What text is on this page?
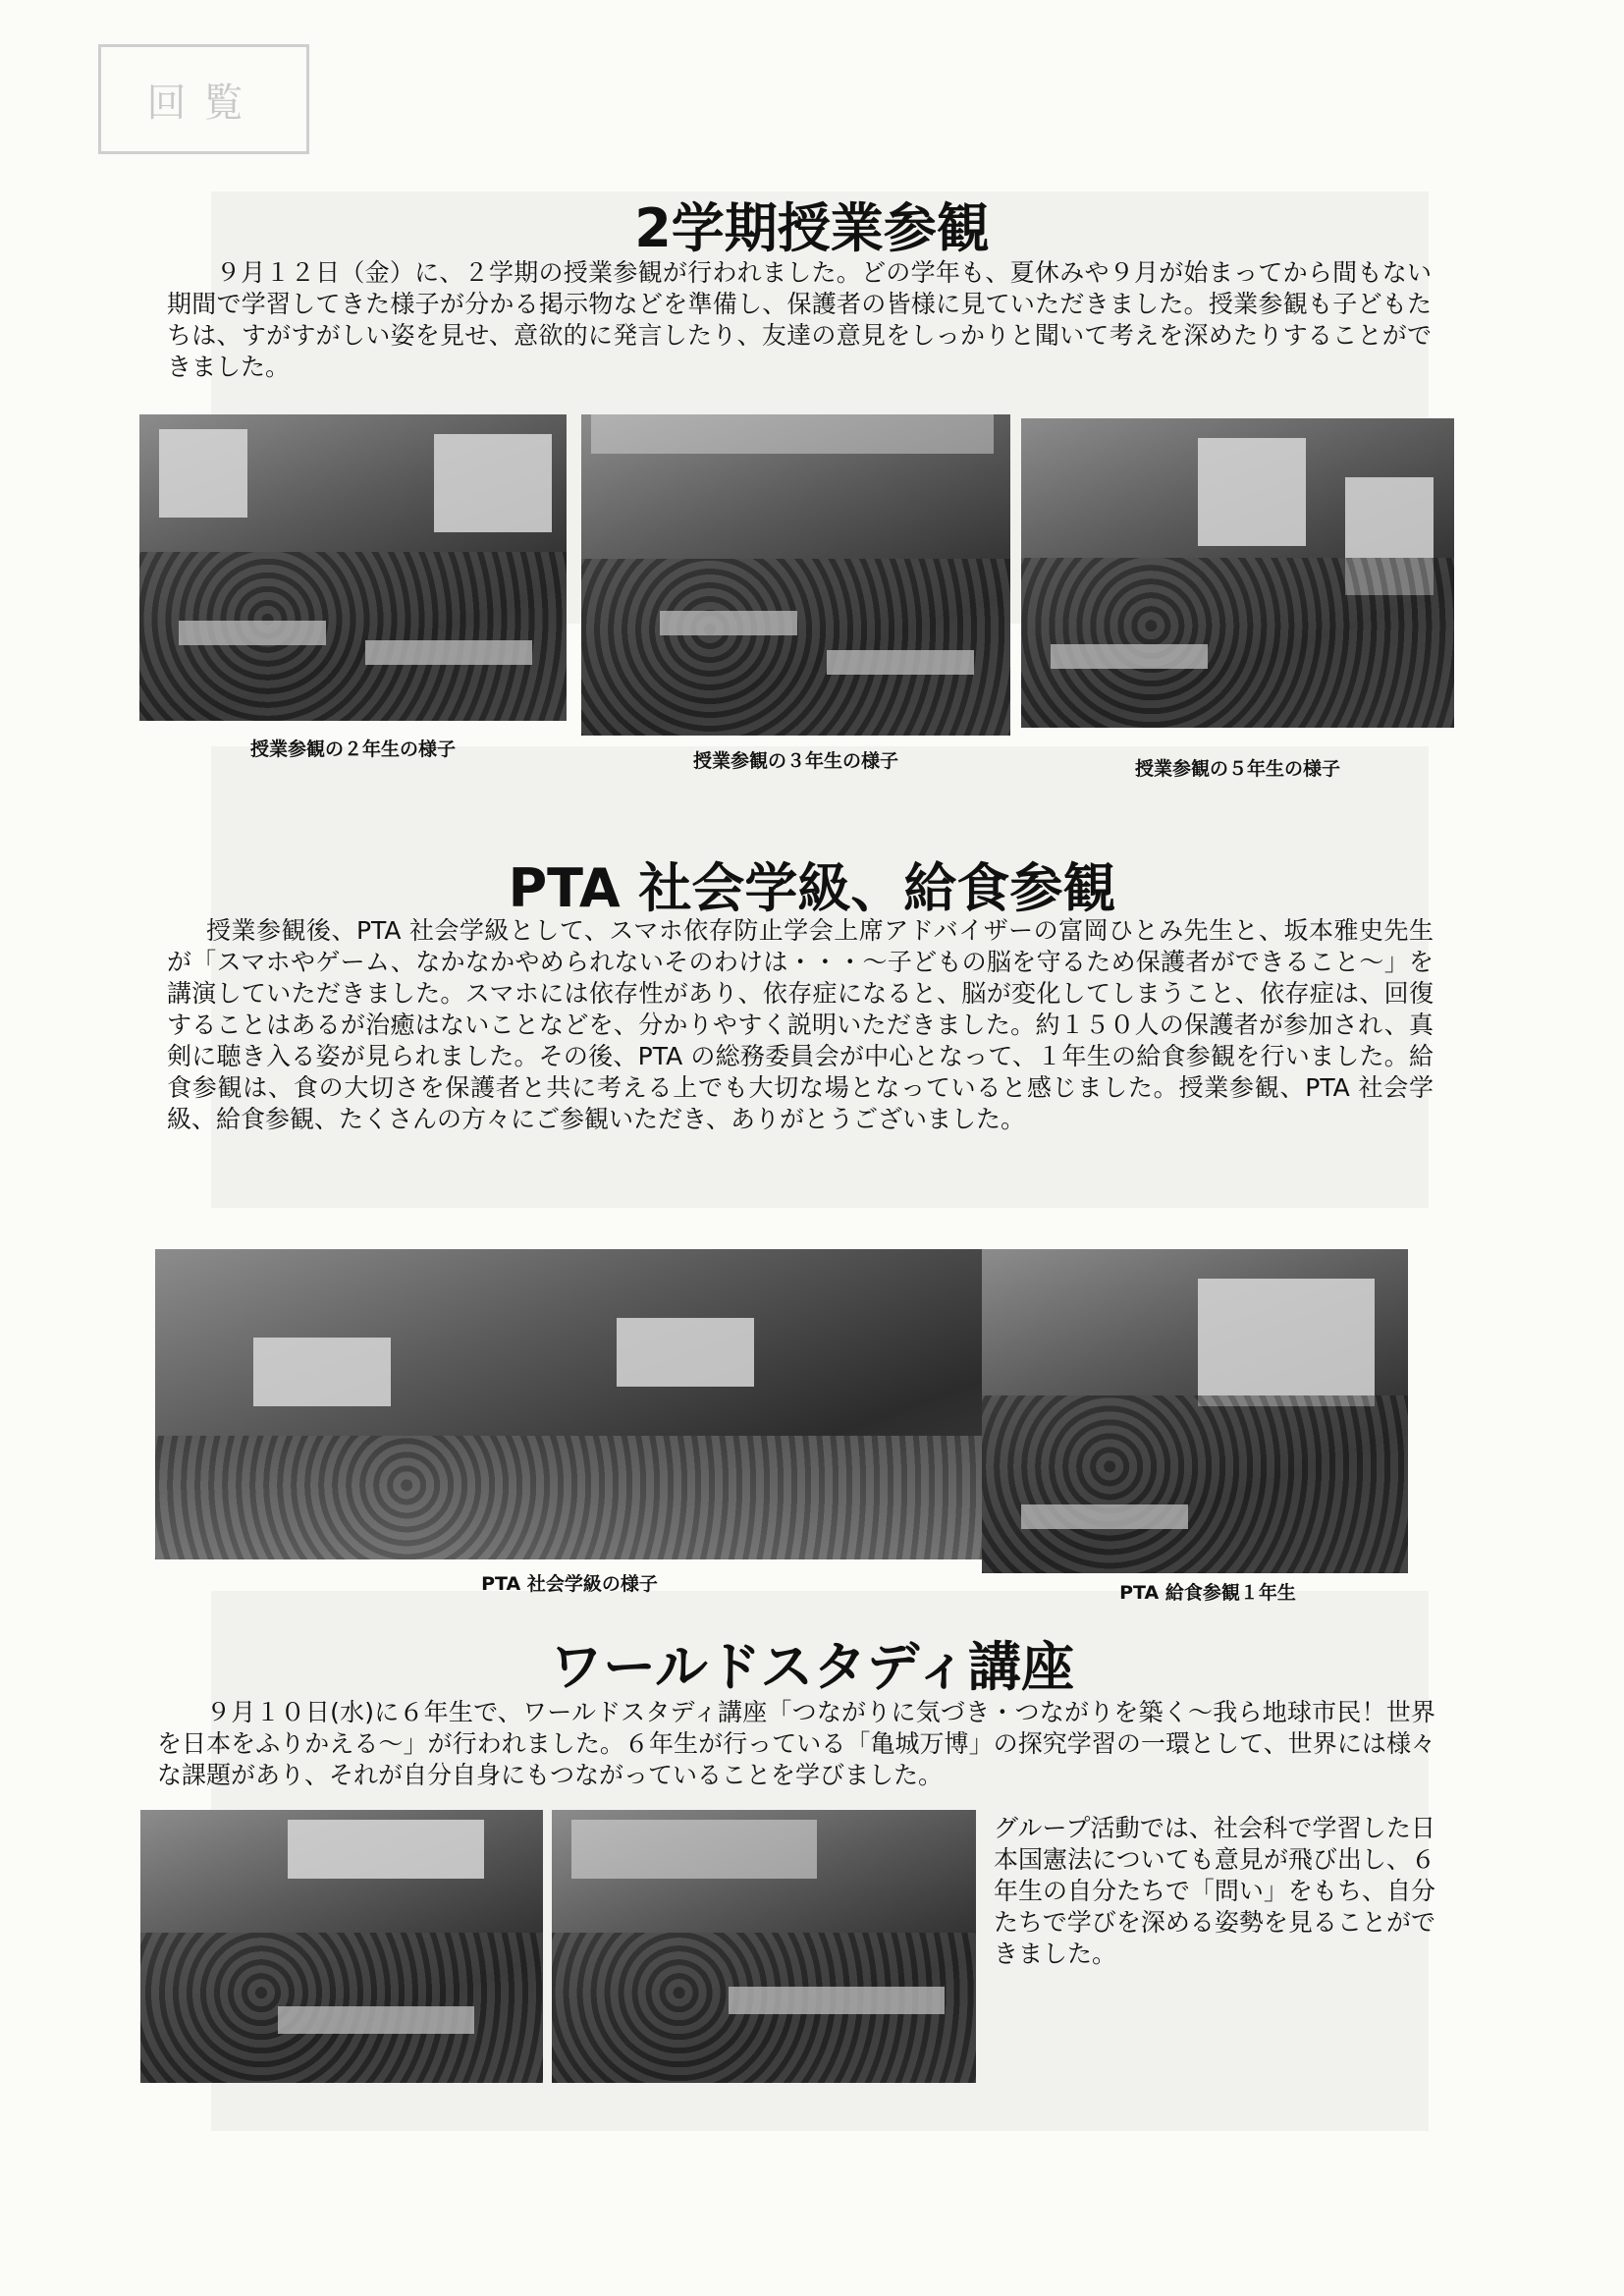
回覧
2学期授業参観

９月１２日（金）に、２学期の授業参観が行われました。どの学年も、夏休みや９月が始まってから間もない期間で学習してきた様子が分かる掲示物などを準備し、保護者の皆様に見ていただきました。授業参観も子どもたちは、すがすがしい姿を見せ、意欲的に発言したり、友達の意見をしっかりと聞いて考えを深めたりすることができました。

授業参観の２年生の様子

授業参観の３年生の様子	授業参観の５年生の様子

PTA 社会学級、給食参観

授業参観後、PTA 社会学級として、スマホ依存防止学会上席アドバイザーの富岡ひとみ先生と、坂本雅史先生が「スマホやゲーム、なかなかやめられないそのわけは・・・～子どもの脳を守るため保護者ができること～」を講演していただきました。スマホには依存性があり、依存症になると、脳が変化してしまうこと、依存症は、回復することはあるが治癒はないことなどを、分かりやすく説明いただきました。約１５０人の保護者が参加され、真剣に聴き入る姿が見られました。その後、PTA の総務委員会が中心となって、１年生の給食参観を行いました。給食参観は、食の大切さを保護者と共に考える上でも大切な場となっていると感じました。授業参観、PTA 社会学級、給食参観、たくさんの方々にご参観いただき、ありがとうございました。

PTA 社会学級の様子	PTA 給食参観１年生

ワールドスタディ講座

９月１０日(水)に６年生で、ワールドスタディ講座「つながりに気づき・つながりを築く～我ら地球市民！世界を日本をふりかえる～」が行われました。６年生が行っている「亀城万博」の探究学習の一環として、世界には様々な課題があり、それが自分自身にもつながっていることを学びました。

グループ活動では、社会科で学習した日本国憲法についても意見が飛び出し、６年生の自分たちで「問い」をもち、自分たちで学びを深める姿勢を見ることができました。
